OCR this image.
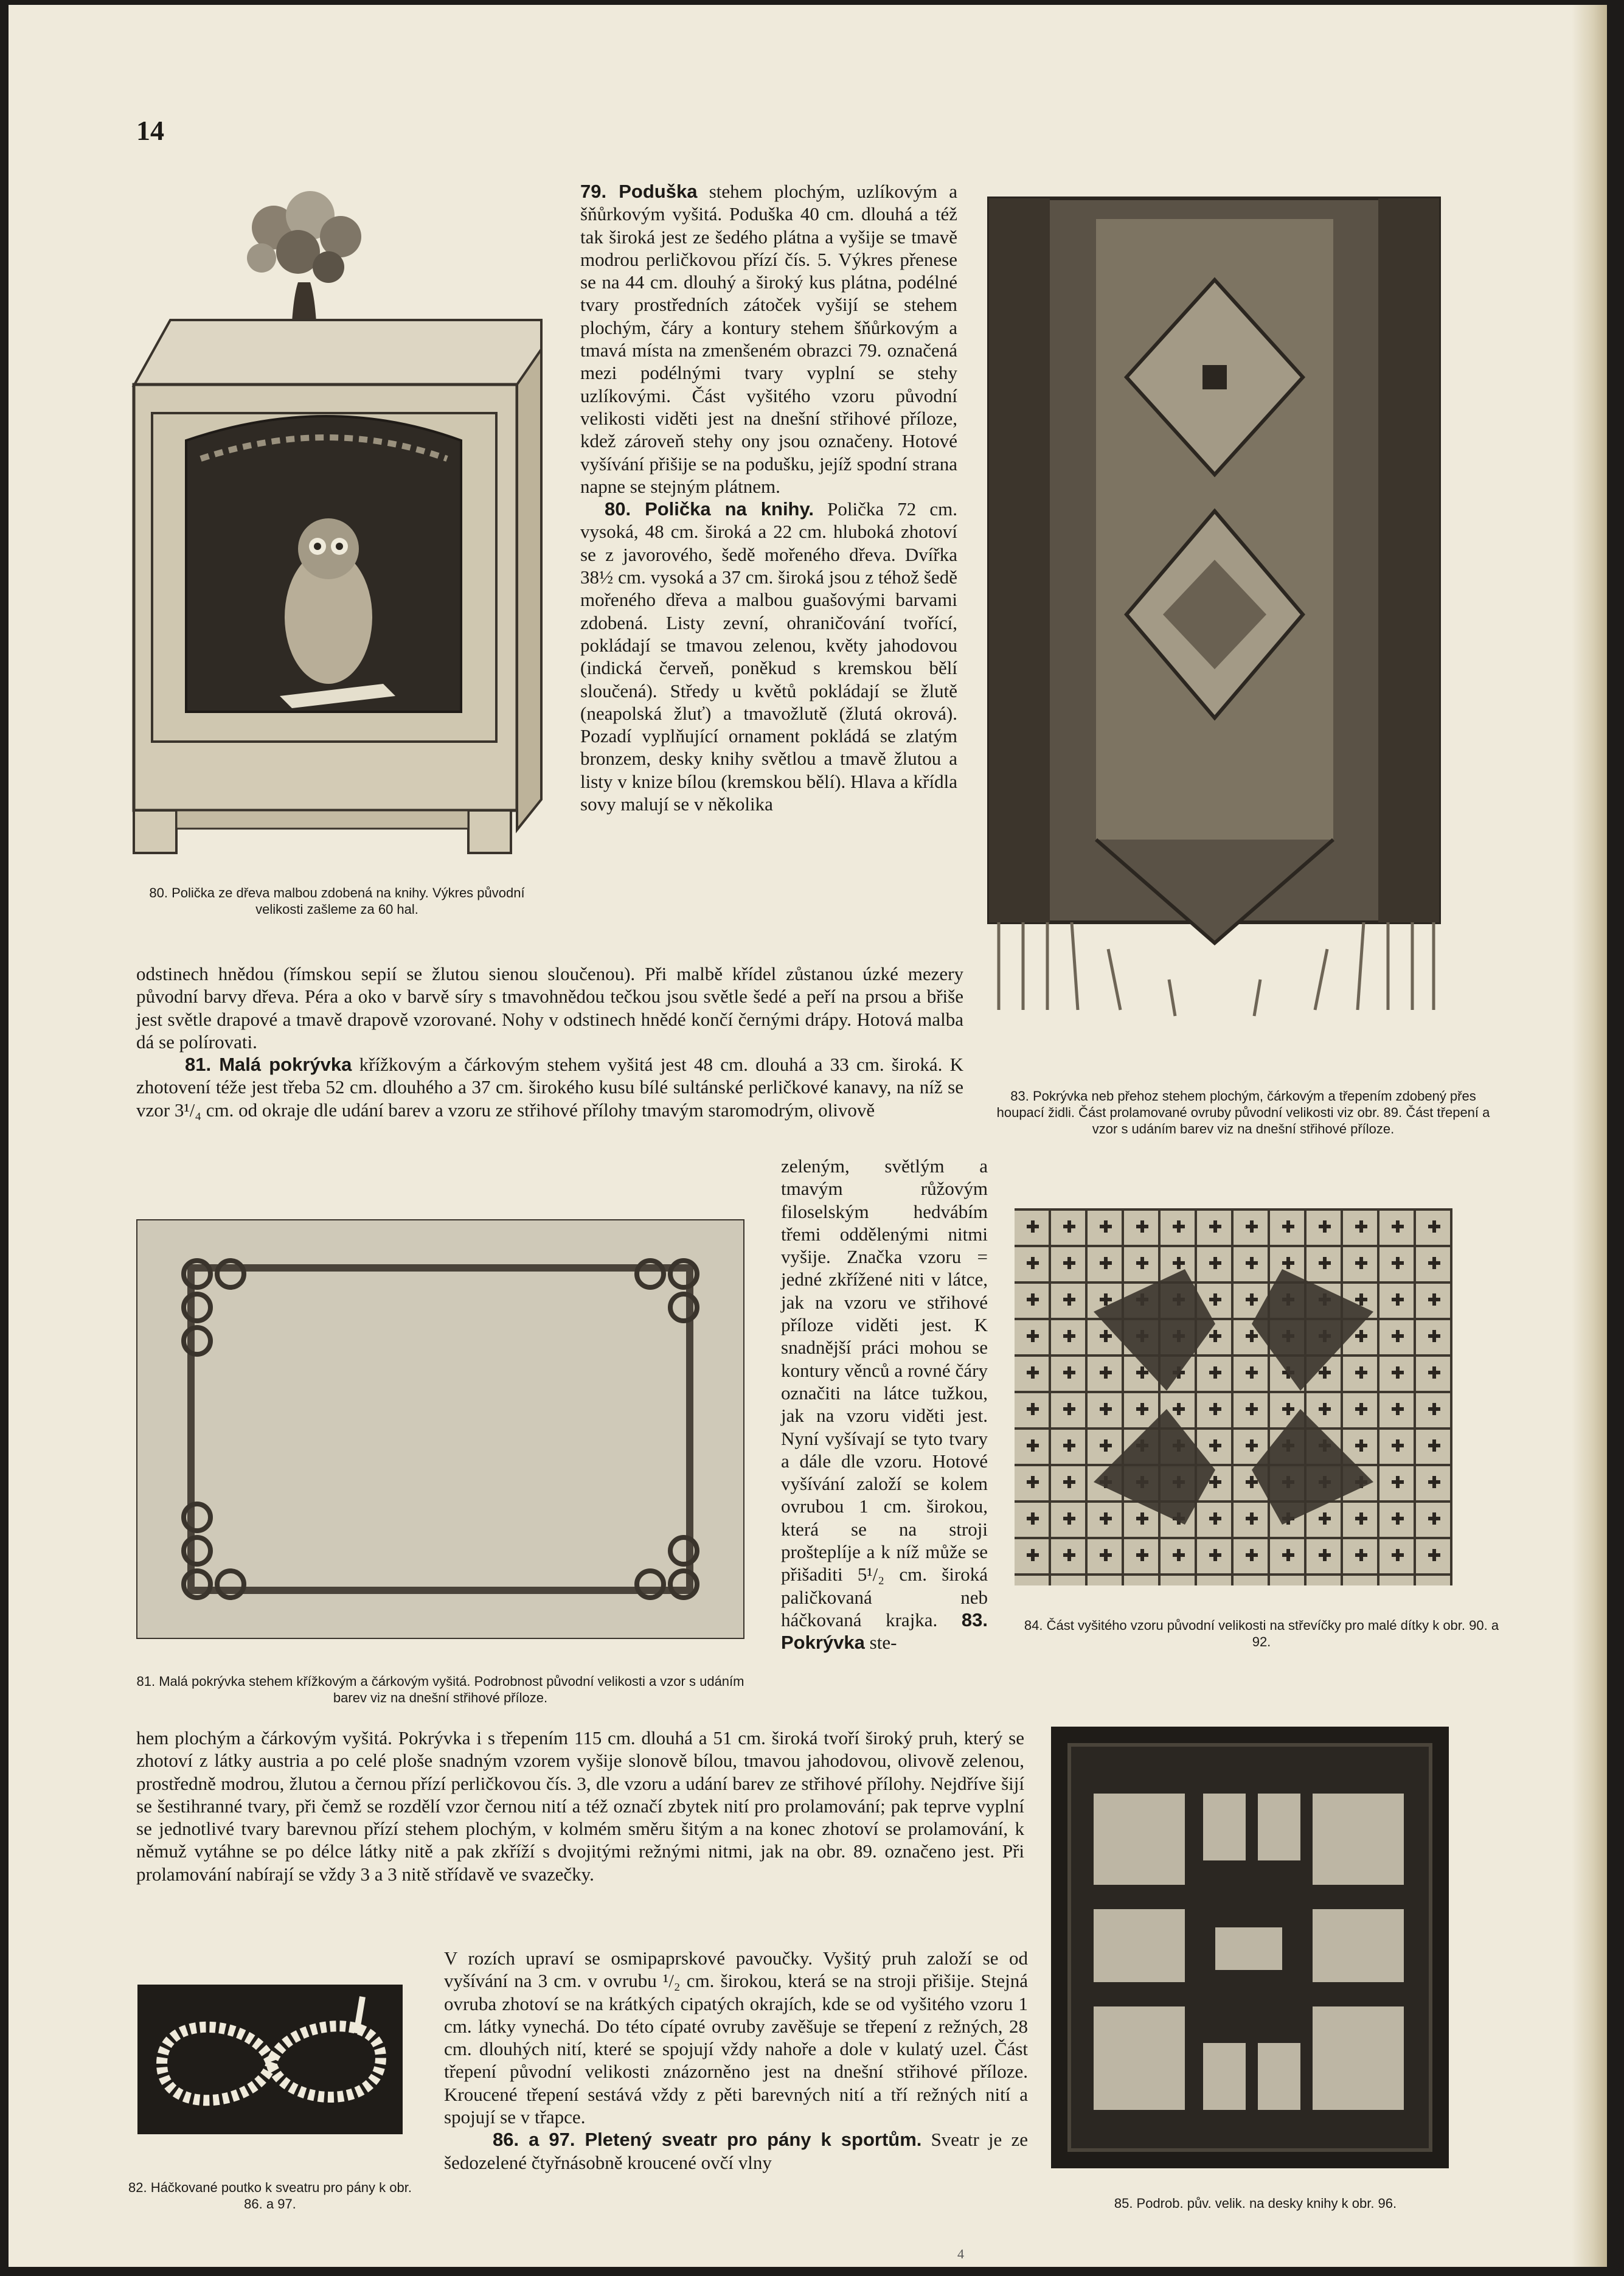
14

80. Polička ze dřeva malbou zdobená na knihy. Výkres původní velikosti zašleme za 60 hal.

79. Poduška stehem plochým, uzlíkovým a šňůrkovým vyšitá. Poduška 40 cm. dlouhá a též tak široká jest ze šedého plátna a vyšije se tmavě modrou perličkovou přízí čís. 5. Výkres přenese se na 44 cm. dlouhý a široký kus plátna, podélné tvary prostředních zátoček vyšijí se stehem plochým, čáry a kontury stehem šňůrkovým a tmavá místa na zmenšeném obrazci 79. označená mezi podélnými tvary vyplní se stehy uzlíkovými. Část vyšitého vzoru původní velikosti viděti jest na dnešní střihové příloze, kdež zároveň stehy ony jsou označeny. Hotové vyšívání přišije se na podušku, jejíž spodní strana napne se stejným plátnem.

80. Polička na knihy. Polička 72 cm. vysoká, 48 cm. široká a 22 cm. hluboká zhotoví se z javorového, šedě mořeného dřeva. Dvířka 38½ cm. vysoká a 37 cm. široká jsou z téhož šedě mořeného dřeva a malbou guašovými barvami zdobená. Listy zevní, ohraničování tvořící, pokládají se tmavou zelenou, květy jahodovou (indická červeň, poněkud s kremskou bělí sloučená). Středy u květů pokládají se žlutě (neapolská žluť) a tmavožlutě (žlutá okrová). Pozadí vyplňující ornament pokládá se zlatým bronzem, desky knihy světlou a tmavě žlutou a listy v knize bílou (kremskou bělí). Hlava a křídla sovy malují se v několika

83. Pokrývka neb přehoz stehem plochým, čárkovým a třepením zdobený přes houpací židli. Část prolamované ovruby původní velikosti viz obr. 89. Část třepení a vzor s udáním barev viz na dnešní střihové příloze.

odstinech hnědou (římskou sepií se žlutou sienou sloučenou). Při malbě křídel zůstanou úzké mezery původní barvy dřeva. Péra a oko v barvě síry s tmavohnědou tečkou jsou světle šedé a peří na prsou a břiše jest světle drapové a tmavě drapově vzorované. Nohy v odstinech hnědé končí černými drápy. Hotová malba dá se polírovati.

81. Malá pokrývka křížkovým a čárkovým stehem vyšitá jest 48 cm. dlouhá a 33 cm. široká. K zhotovení téže jest třeba 52 cm. dlouhého a 37 cm. širokého kusu bílé sultánské perličkové kanavy, na níž se vzor 3¹/₄ cm. od okraje dle udání barev a vzoru ze střihové přílohy tmavým staromodrým, olivově

81. Malá pokrývka stehem křížkovým a čárkovým vyšitá. Podrobnost původní velikosti a vzor s udáním barev viz na dnešní střihové příloze.

zeleným, světlým a tmavým růžovým filoselským hedvábím třemi oddělenými nitmi vyšije. Značka vzoru = jedné zkřížené niti v látce, jak na vzoru ve střihové příloze viděti jest. K snadnější práci mohou se kontury věnců a rovné čáry označiti na látce tužkou, jak na vzoru viděti jest. Nyní vyšívají se tyto tvary a dále dle vzoru. Hotové vyšívání založí se kolem ovrubou 1 cm. širokou, která se na stroji prošteplíje a k níž může se přišaditi 5¹/₂ cm. široká paličkovaná neb háčkovaná krajka. 83. Pokrývka ste-

84. Část vyšitého vzoru původní velikosti na střevíčky pro malé dítky k obr. 90. a 92.

hem plochým a čárkovým vyšitá. Pokrývka i s třepením 115 cm. dlouhá a 51 cm. široká tvoří široký pruh, který se zhotoví z látky austria a po celé ploše snadným vzorem vyšije slonově bílou, tmavou jahodovou, olivově zelenou, prostředně modrou, žlutou a černou přízí perličkovou čís. 3, dle vzoru a udání barev ze střihové přílohy. Nejdříve šijí se šestihranné tvary, při čemž se rozdělí vzor černou nití a též označí zbytek nití pro prolamování; pak teprve vyplní se jednotlivé tvary barevnou přízí stehem plochým, v kolmém směru šitým a na konec zhotoví se prolamování, k němuž vytáhne se po délce látky nitě a pak zkříží s dvojitými režnými nitmi, jak na obr. 89. označeno jest. Při prolamování nabírají se vždy 3 a 3 nitě střídavě ve svazečky.

82. Háčkované poutko k sveatru pro pány k obr. 86. a 97.

V rozích upraví se osmipaprskové pavoučky. Vyšitý pruh založí se od vyšívání na 3 cm. v ovrubu ¹/₂ cm. širokou, která se na stroji přišije. Stejná ovruba zhotoví se na krátkých cipatých okrajích, kde se od vyšitého vzoru 1 cm. látky vynechá. Do této cípaté ovruby zavěšuje se třepení z režných, 28 cm. dlouhých nití, které se spojují vždy nahoře a dole v kulatý uzel. Část třepení původní velikosti znázorněno jest na dnešní střihové příloze. Kroucené třepení sestává vždy z pěti barevných nití a tří režných nití a spojují se v třapce.

86. a 97. Pletený sveatr pro pány k sportům. Sveatr je ze šedozelené čtyřnásobně kroucené ovčí vlny

85. Podrob. pův. velik. na desky knihy k obr. 96.

4
